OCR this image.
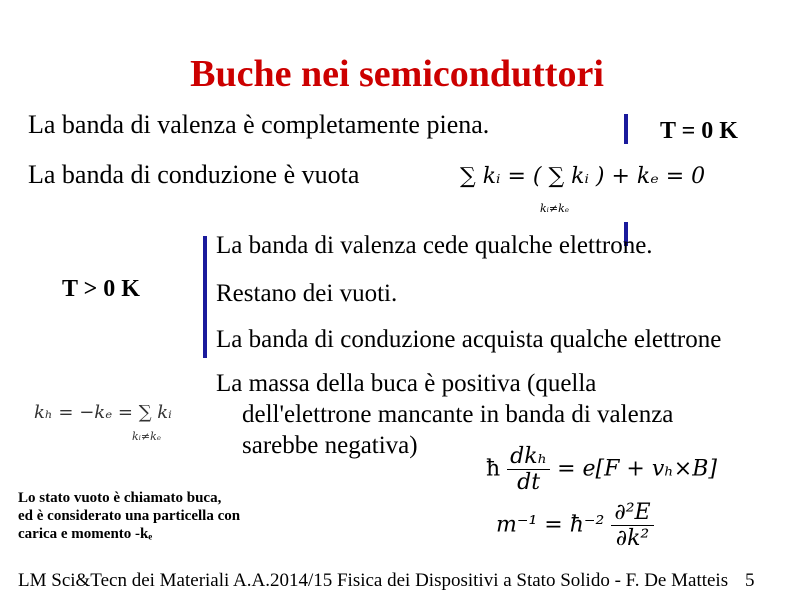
Buche nei semiconduttori
La banda di valenza è completamente piena.	T = 0 K
La banda di conduzione è vuota	∑ kᵢ = ( ∑ kᵢ ) + kₑ = 0
kᵢ≠kₑ
La banda di valenza cede qualche elettrone.
T > 0 K	Restano dei vuoti.
La banda di conduzione acquista qualche elettrone
La massa della buca è positiva (quella
dell'elettrone mancante in banda di valenza
sarebbe negativa)
kₕ = −kₑ = ∑ kᵢ
kᵢ≠kₑ
ħ $\frac{\text{dkₕ}}{dt} = e[F + v_h\times B]$
Lo stato vuoto è chiamato buca,
ed è considerato una particella con
carica e momento -kₑ	m⁻¹ = ħ⁻² $\frac{\text{∂²E}}{\text{∂k²}}$
LM Sci&Tecn dei Materiali A.A.2014/15 Fisica dei Dispositivi a Stato Solido - F. De Matteis 5
